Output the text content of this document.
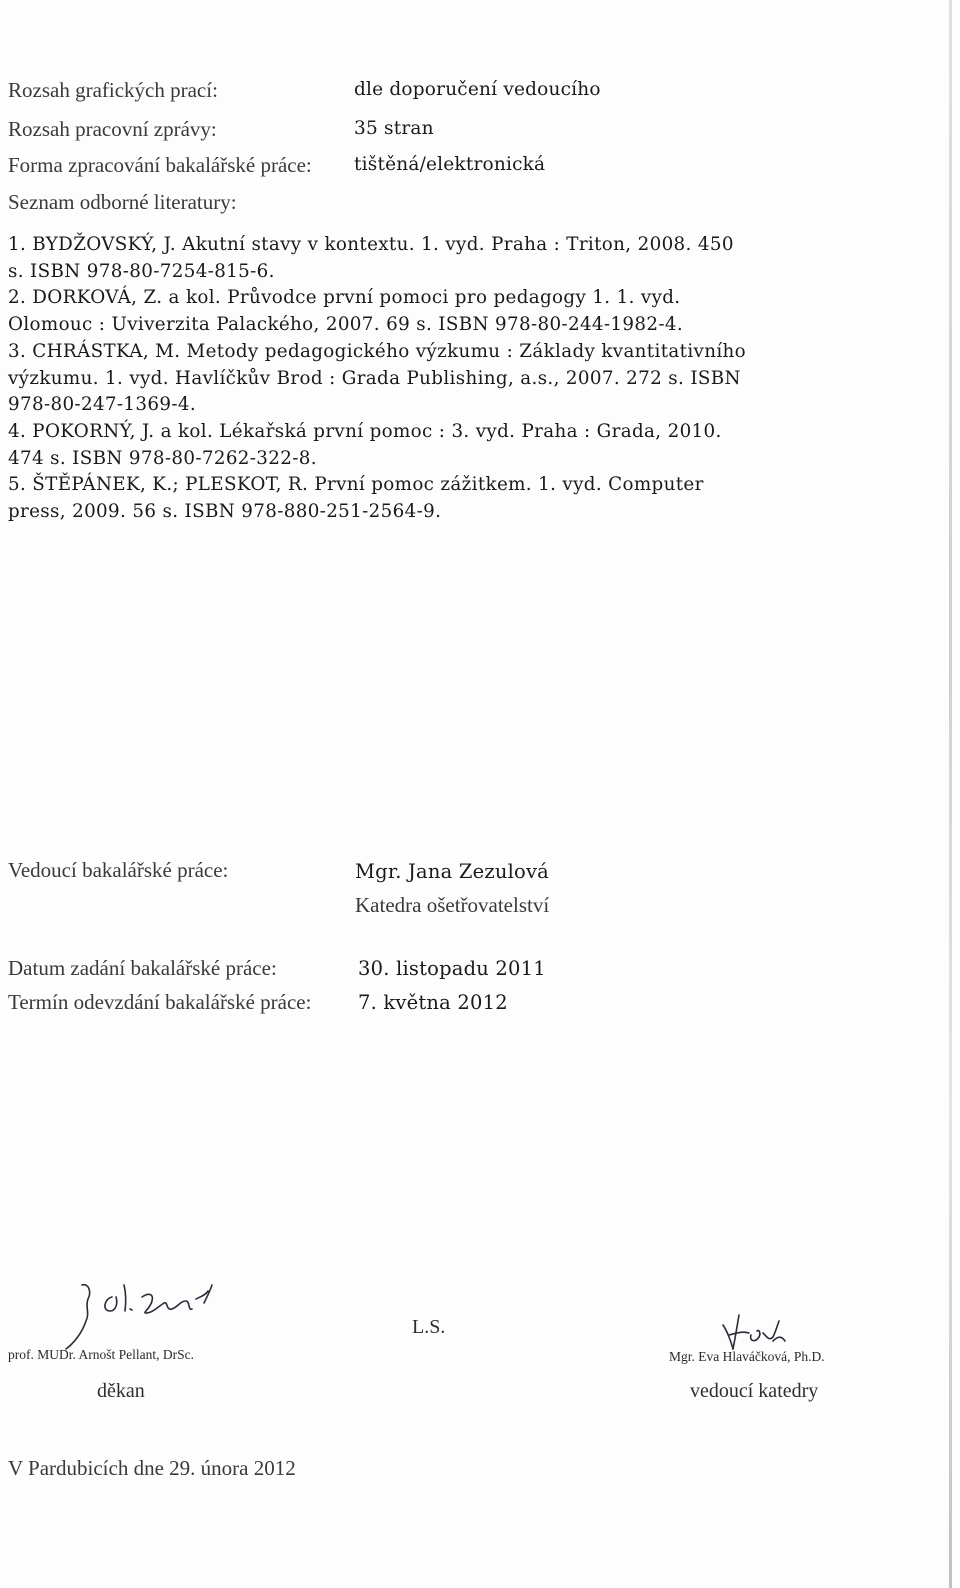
Rozsah grafických prací:	dle doporučení vedoucího
Rozsah pracovní zprávy:	35 stran
Forma zpracování bakalářské práce: tištěná/elektronická
Seznam odborné literatury:
1. BYDŽOVSKÝ, J. Akutní stavy v kontextu. 1. vyd. Praha : Triton, 2008. 450
s. ISBN 978-80-7254-815-6.
2. DORKOVÁ, Z. a kol. Průvodce první pomoci pro pedagogy 1. 1. vyd.
Olomouc : Uviverzita Palackého, 2007. 69 s. ISBN 978-80-244-1982-4.
3. CHRÁSTKA, M. Metody pedagogického výzkumu : Základy kvantitativního
výzkumu. 1. vyd. Havlíčkův Brod : Grada Publishing, a.s., 2007. 272 s. ISBN
978-80-247-1369-4.
4. POKORNÝ, J. a kol. Lékařská první pomoc : 3. vyd. Praha : Grada, 2010.
474 s. ISBN 978-80-7262-322-8.
5. ŠTĚPÁNEK, K.; PLESKOT, R. První pomoc zážitkem. 1. vyd. Computer
press, 2009. 56 s. ISBN 978-880-251-2564-9.
Vedoucí bakalářské práce:	Mgr. Jana Zezulová
Katedra ošetřovatelství
Datum zadání bakalářské práce:	30. listopadu 2011
Termín odevzdání bakalářské práce: 7. května 2012
prof. MUDr. Arnošt Pellant, DrSc.
děkan
L.S.
Mgr. Eva Hlaváčková, Ph.D.
vedoucí katedry
V Pardubicích dne 29. února 2012
